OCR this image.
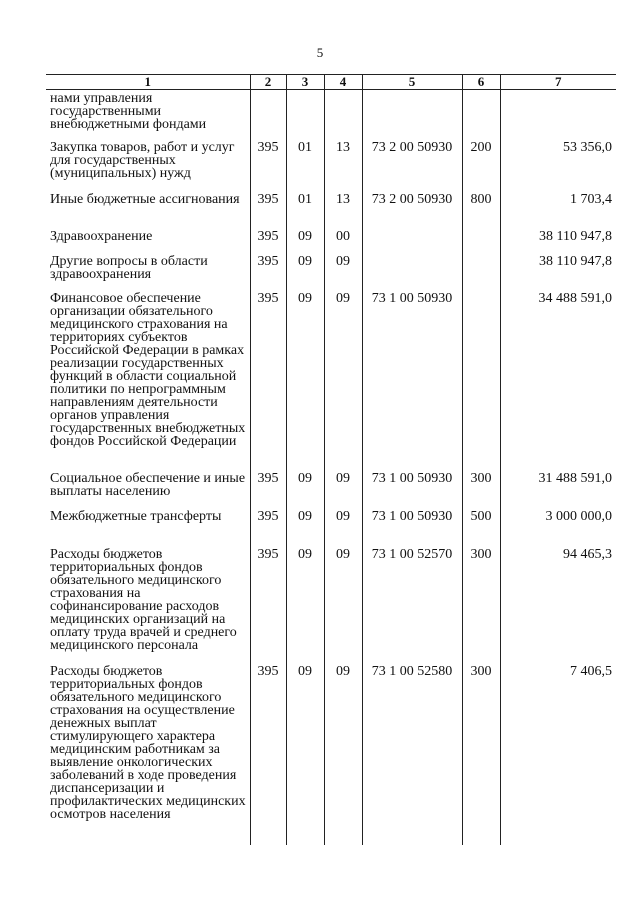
5
1	2	3	4	5	6	7
нами управления государственными внебюджетными фондами						
Закупка товаров, работ и услуг для государственных (муниципальных) нужд	395	01	13	73 2 00 50930	200	53 356,0
Иные бюджетные ассигнования	395	01	13	73 2 00 50930	800	1 703,4
Здравоохранение	395	09	00			38 110 947,8
Другие вопросы в области здравоохранения	395	09	09			38 110 947,8
Финансовое обеспечение организации обязательного медицинского страхования на территориях субъектов Российской Федерации в рамках реализации государственных функций в области социальной политики по непрограммным направлениям деятельности органов управления государственных внебюджетных фондов Российской Федерации	395	09	09	73 1 00 50930		34 488 591,0
Социальное обеспечение и иные выплаты населению	395	09	09	73 1 00 50930	300	31 488 591,0
Межбюджетные трансферты	395	09	09	73 1 00 50930	500	3 000 000,0
Расходы бюджетов территориальных фондов обязательного медицинского страхования на софинансирование расходов медицинских организаций на оплату труда врачей и среднего медицинского персонала	395	09	09	73 1 00 52570	300	94 465,3
Расходы бюджетов территориальных фондов обязательного медицинского страхования на осуществление денежных выплат стимулирующего характера медицинским работникам за выявление онкологических заболеваний в ходе проведения диспансеризации и профилактических медицинских осмотров населения	395	09	09	73 1 00 52580	300	7 406,5
